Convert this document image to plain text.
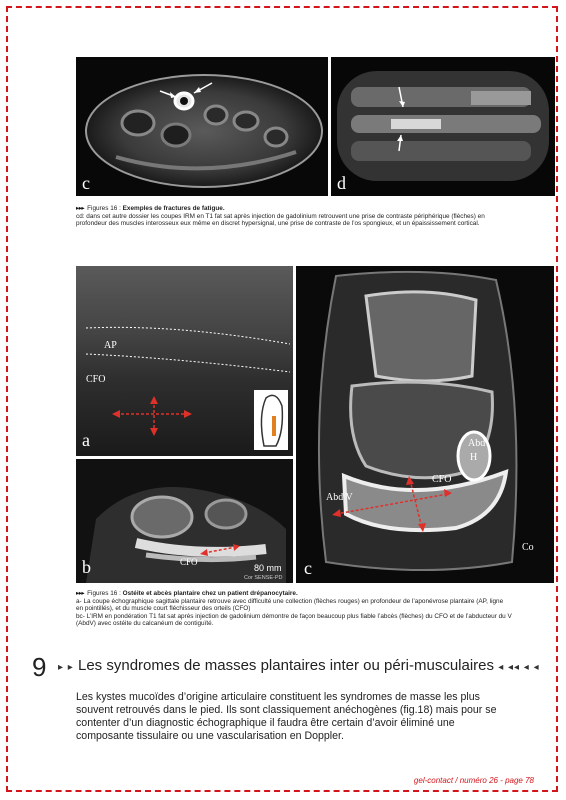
c	d
▸▸▸ Figures 16 : Exemples de fractures de fatigue.
cd: dans cet autre dossier les coupes IRM en T1 fat sat après injection de gadolinium retrouvent une prise de contraste périphérique (flèches) en profondeur des muscles interosseux eux même en discret hypersignal, une prise de contraste de l’os spongieux, et un épaississement cortical.
AP
CFO
a
CFO
80 mm
Cor SENSE-PD
b
Abd
H
Abd V
CFO
Co
c
▸▸▸ Figures 16 : Ostéite et abcès plantaire chez un patient drépanocytaire.
a- La coupe échographique sagittale plantaire retrouve avec difficulté une collection (flèches rouges) en profondeur de l’aponévrose plantaire (AP, ligne en pointillés), et du muscle court fléchisseur des orteils (CFO)
bc- L’IRM en pondération T1 fat sat après injection de gadolinium démontre de façon beaucoup plus fiable l’abcès (flèches) du CFO et de l’abducteur du V (AbdV) avec ostéite du calcanéum de contiguïté.
9 ▸ ▸ Les syndromes de masses plantaires inter ou péri-musculaires ◂ ◂◂ ◂ ◂
Les kystes mucoïdes d’origine articulaire constituent les syndromes de masse les plus souvent retrouvés dans le pied. Ils sont classiquement anéchogènes (fig.18) mais pour se contenter d’un diagnostic échographique il faudra être certain d’avoir éliminé une composante tissulaire ou une vascularisation en Doppler.
gel-contact / numéro 26 - page 78
